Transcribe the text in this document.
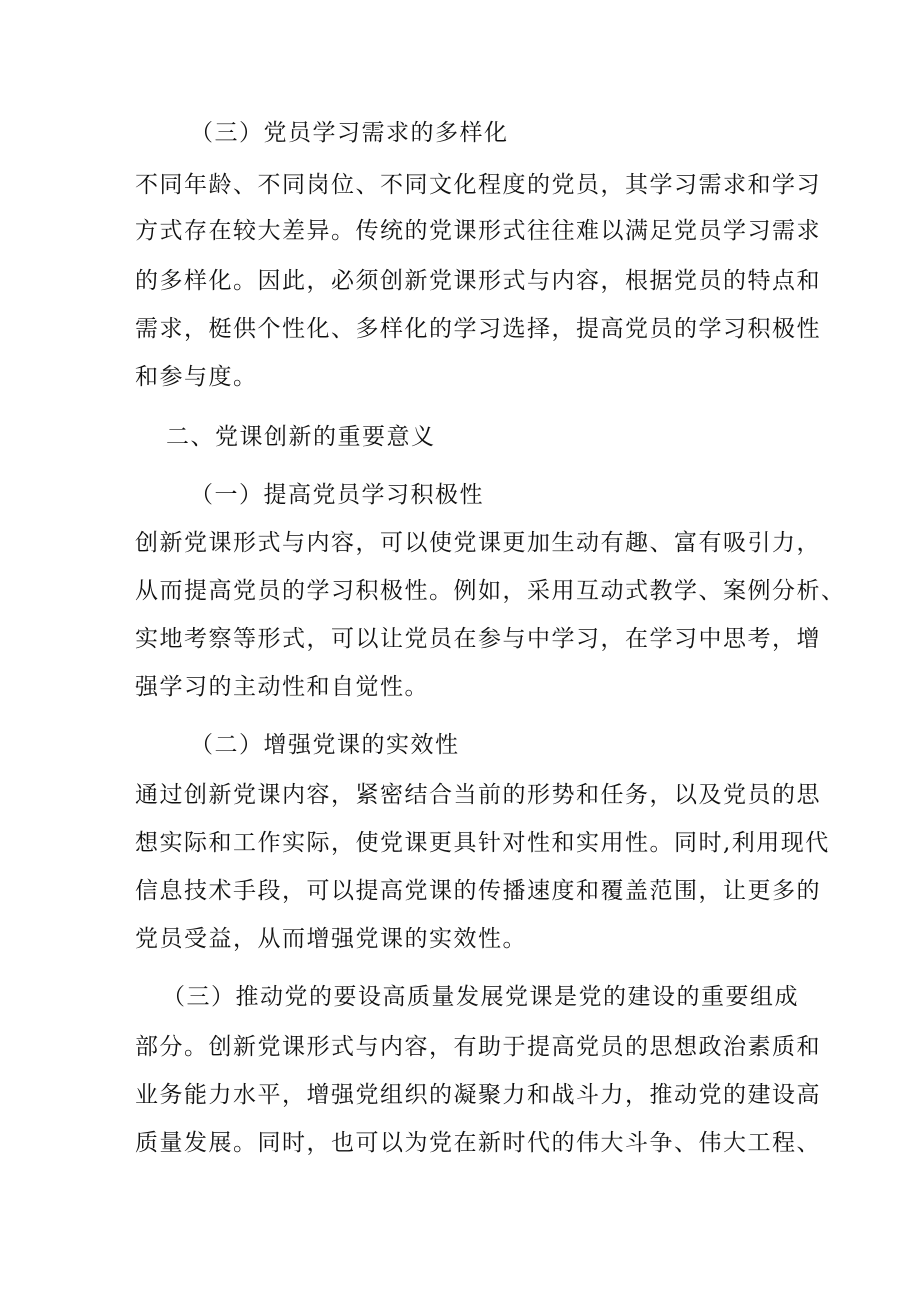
（三）党员学习需求的多样化
不同年龄、不同岗位、不同文化程度的党员，其学习需求和学习
方式存在较大差异。传统的党课形式往往难以满足党员学习需求
的多样化。因此，必须创新党课形式与内容，根据党员的特点和
需求，梃供个性化、多样化的学习选择，提高党员的学习积极性
和参与度。
二、党课创新的重要意义
（一）提高党员学习积极性
创新党课形式与内容，可以使党课更加生动有趣、富有吸引力，
从而提高党员的学习积极性。例如，采用互动式教学、案例分析、
实地考察等形式，可以让党员在参与中学习，在学习中思考，增
强学习的主动性和自觉性。
（二）增强党课的实效性
通过创新党课内容，紧密结合当前的形势和任务，以及党员的思
想实际和工作实际，使党课更具针对性和实用性。同时,利用现代
信息技术手段，可以提高党课的传播速度和覆盖范围，让更多的
党员受益，从而增强党课的实效性。
（三）推动党的要设高质量发展党课是党的建设的重要组成
部分。创新党课形式与内容，有助于提高党员的思想政治素质和
业务能力水平，增强党组织的凝聚力和战斗力，推动党的建设高
质量发展。同时，也可以为党在新时代的伟大斗争、伟大工程、
